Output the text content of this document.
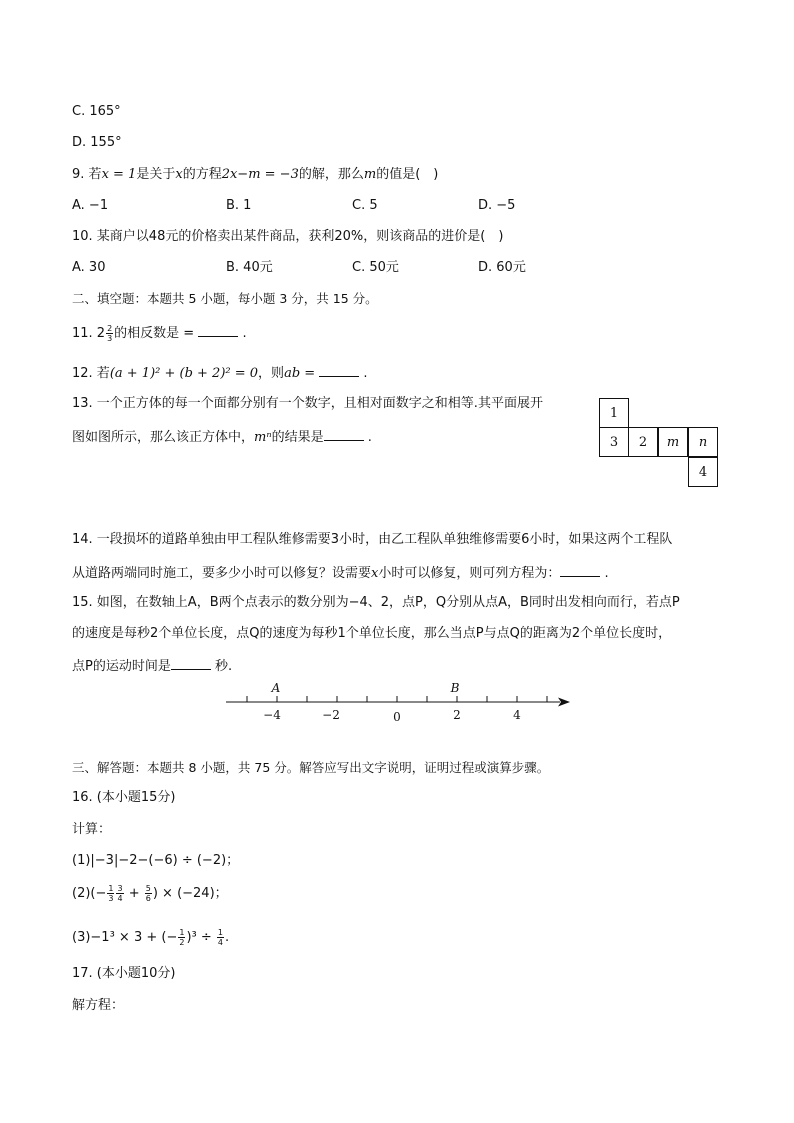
C. 165°
D. 155°
9. 若x = 1是关于x的方程2x−m = −3的解，那么m的值是(　)
A. −1	B. 1	C. 5	D. −5
10. 某商户以48元的价格卖出某件商品，获利20%，则该商品的进价是(　)
A. 30	B. 40元	C. 50元	D. 60元
二、填空题：本题共 5 小题，每小题 3 分，共 15 分。
11. $2 \frac{2}{3}$ 的相反数是 =	.
12. 若(a + 1)² + (b + 2)² = 0，则ab =	.
13. 一个正方体的每一个面都分别有一个数字，且相对面数字之和相等.其平面展开
图如图所示，那么该正方体中，mⁿ的结果是	.
1
3	2	m	n
4
14. 一段损坏的道路单独由甲工程队维修需要3小时，由乙工程队单独维修需要6小时，如果这两个工程队
从道路两端同时施工，要多少小时可以修复？设需要x小时可以修复，则可列方程为：	.
15. 如图，在数轴上A，B两个点表示的数分别为−4、2，点P，Q分别从点A，B同时出发相向而行，若点P
的速度是每秒2个单位长度，点Q的速度为每秒1个单位长度，那么当点P与点Q的距离为2个单位长度时，
点P的运动时间是	秒.
A	B
−4	−2	0	2	4
三、解答题：本题共 8 小题，共 75 分。解答应写出文字说明，证明过程或演算步骤。
16. (本小题15分)
计算：
(1)|−3|−2−(−6) ÷ (−2)；
$(2)(- \frac{1}{3} \frac{3}{4} + \frac{5}{6}$ ) × (−24)；
(3)−1³ × 3 + (− $\frac{1}{2} )^3 \div \frac{1}{4}$ .
17. (本小题10分)
解方程：
